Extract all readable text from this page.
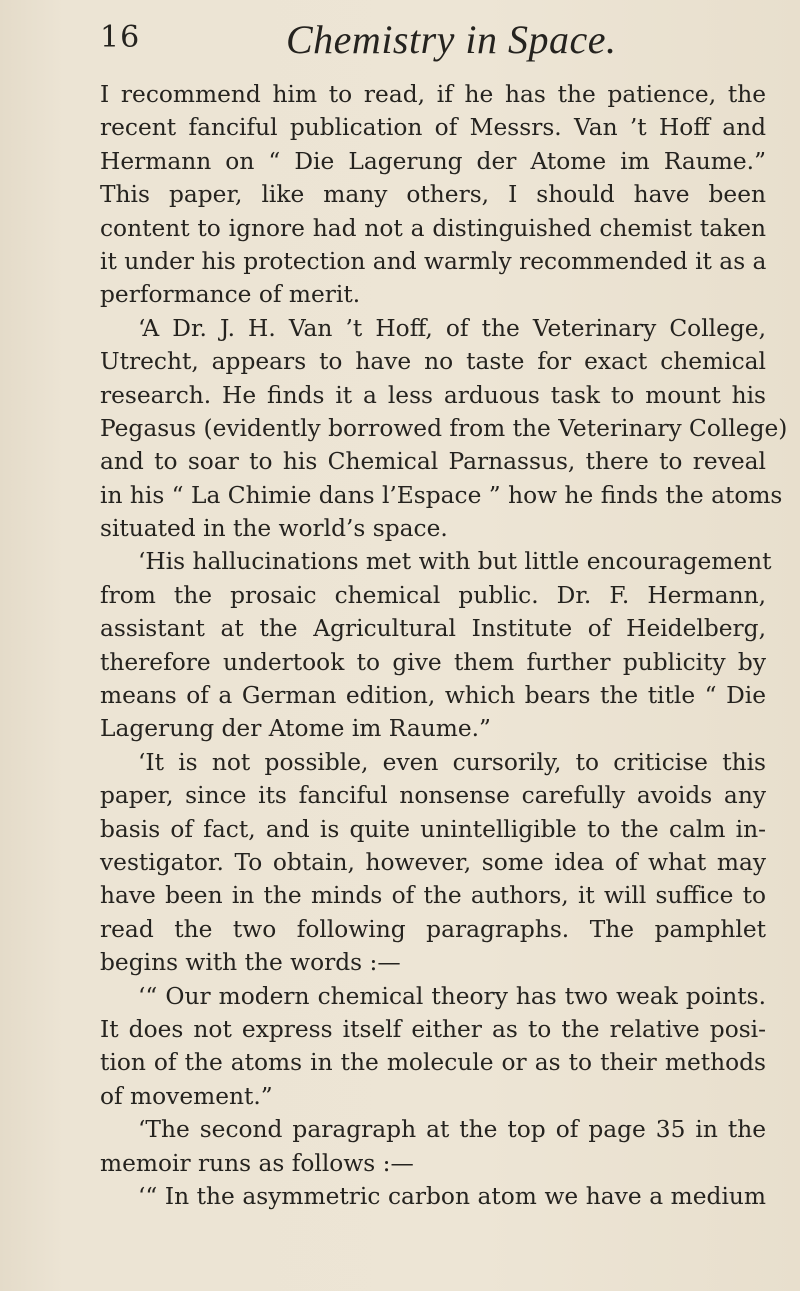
16	Chemistry in Space.
I recommend him to read, if he has the patience, the
recent fanciful publication of Messrs. Van ’t Hoff and
Hermann on “ Die Lagerung der Atome im Raume.”
This paper, like many others, I should have been
content to ignore had not a distinguished chemist taken
it under his protection and warmly recommended it as a
performance of merit.
‘A Dr. J. H. Van ’t Hoff, of the Veterinary College,
Utrecht, appears to have no taste for exact chemical
research. He finds it a less arduous task to mount his
Pegasus (evidently borrowed from the Veterinary College)
and to soar to his Chemical Parnassus, there to reveal
in his “ La Chimie dans l’Espace ” how he finds the atoms
situated in the world’s space.
‘His hallucinations met with but little encouragement
from the prosaic chemical public. Dr. F. Hermann,
assistant at the Agricultural Institute of Heidelberg,
therefore undertook to give them further publicity by
means of a German edition, which bears the title “ Die
Lagerung der Atome im Raume.”
‘It is not possible, even cursorily, to criticise this
paper, since its fanciful nonsense carefully avoids any
basis of fact, and is quite unintelligible to the calm in-
vestigator. To obtain, however, some idea of what may
have been in the minds of the authors, it will suffice to
read the two following paragraphs. The pamphlet
begins with the words :—
‘“ Our modern chemical theory has two weak points.
It does not express itself either as to the relative posi-
tion of the atoms in the molecule or as to their methods
of movement.”
‘The second paragraph at the top of page 35 in the
memoir runs as follows :—
‘“ In the asymmetric carbon atom we have a medium
